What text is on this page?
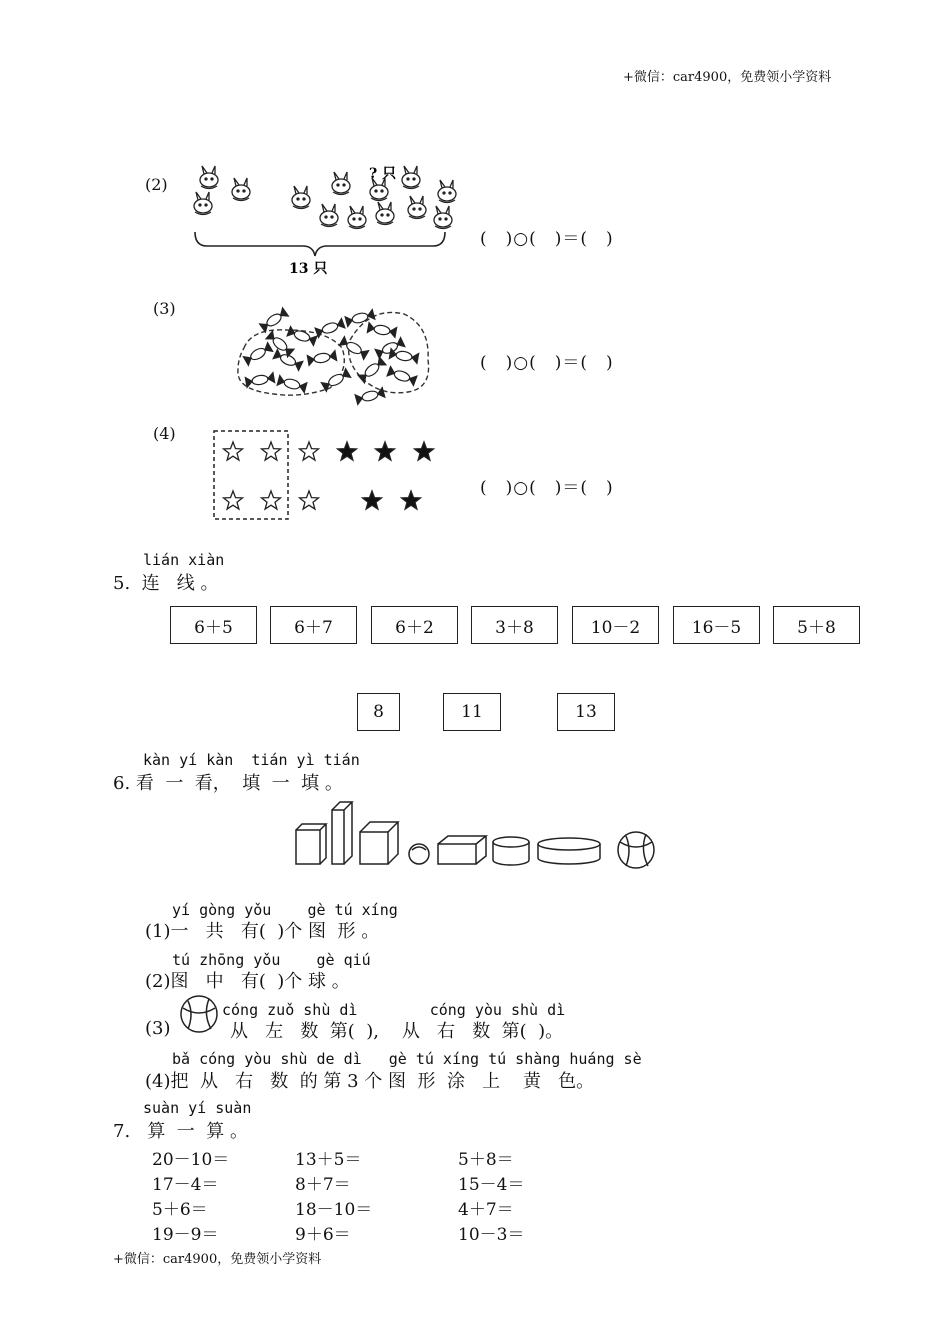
+微信：car4900，免费领小学资料
(2)
? 只
13 只
(　)○(　)＝(　)
(3)
(　)○(　)＝(　)
(4)
(　)○(　)＝(　)
lián xiàn
5.  连   线 。
6＋5	6＋7	6＋2	3＋8	10－2	16－5	5＋8
8	11	13
kàn yí kàn  tián yì tián
6. 看  一  看，  填  一  填 。
yí gòng yǒu    gè tú xíng
(1)一   共   有(  )个 图  形 。
tú zhōng yǒu    gè qiú
(2)图   中   有(  )个 球 。
(3)
cóng zuǒ shù dì        cóng yòu shù dì
从   左   数  第(  ),    从   右   数  第(  )。
bǎ cóng yòu shù de dì   gè tú xíng tú shàng huáng sè
(4)把  从   右   数  的 第 3 个 图  形  涂   上    黄   色。
suàn yí suàn
7.   算  一  算 。
20－10＝	13＋5＝	5＋8＝
17－4＝	8＋7＝	15－4＝
5＋6＝	18－10＝	4＋7＝
19－9＝	9＋6＝	10－3＝
+微信：car4900，免费领小学资料
